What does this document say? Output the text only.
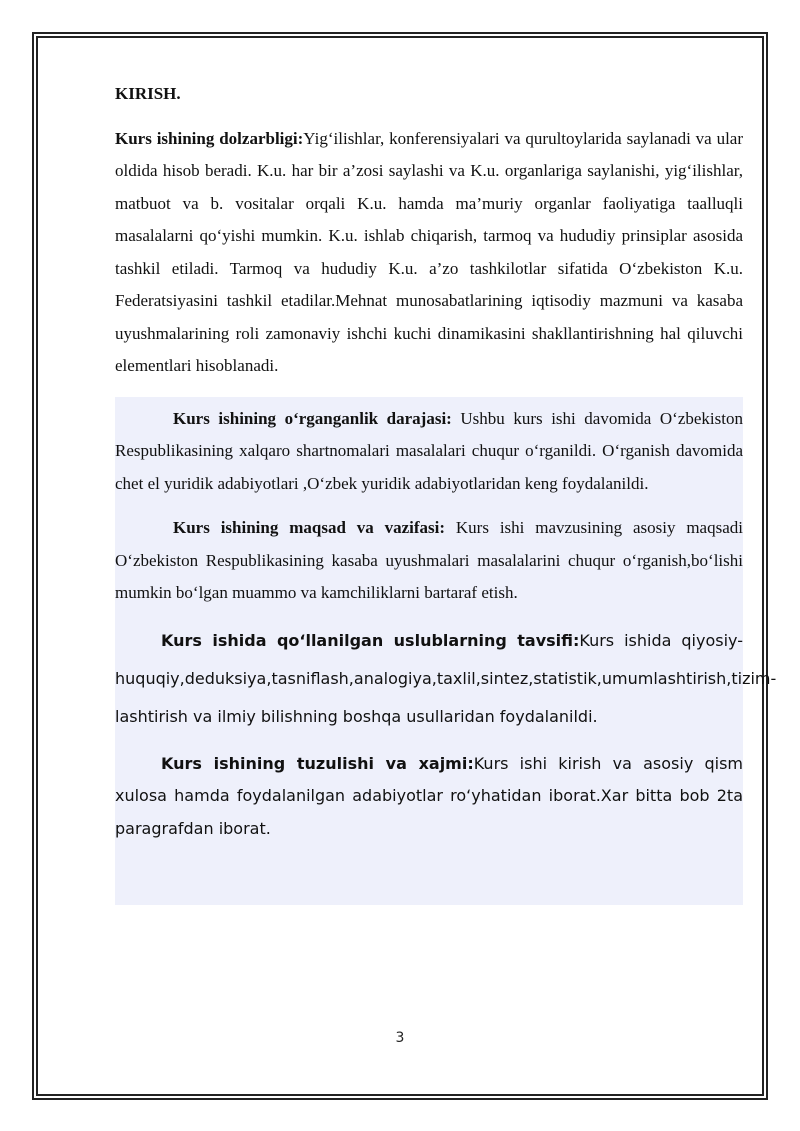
KIRISH.

Kurs ishining dolzarbligi:Yig‘ilishlar, konferensiyalari va qurultoylarida saylanadi va ular oldida hisob beradi. K.u. har bir a’zosi saylashi va K.u. organlariga saylanishi, yig‘ilishlar, matbuot va b. vositalar orqali K.u. hamda ma’muriy organlar faoliyatiga taalluqli masalalarni qo‘yishi mumkin. K.u. ishlab chiqarish, tarmoq va hududiy prinsiplar asosida tashkil etiladi. Tarmoq va hududiy K.u. a’zo tashkilotlar sifatida O‘zbekiston K.u. Federatsiyasini tashkil etadilar.Mehnat munosabatlarining iqtisodiy mazmuni va kasaba uyushmalarining roli zamonaviy ishchi kuchi dinamikasini shakllantirishning hal qiluvchi elementlari hisoblanadi.

Kurs ishining o‘rganganlik darajasi: Ushbu kurs ishi davomida O‘zbekiston Respublikasining xalqaro shartnomalari masalalari chuqur o‘rganildi. O‘rganish davomida chet el yuridik adabiyotlari ,O‘zbek yuridik adabiyotlaridan keng foydalanildi.

Kurs ishining maqsad va vazifasi: Kurs ishi mavzusining asosiy maqsadi O‘zbekiston Respublikasining kasaba uyushmalari masalalarini chuqur o‘rganish,bo‘lishi mumkin bo‘lgan muammo va kamchiliklarni bartaraf etish.

Kurs ishida qo‘llanilgan uslublarning tavsifi:Kurs ishida qiyosiy-huquqiy,deduksiya,tasniflash,analogiya,taxlil,sintez,statistik,umumlashtirish,tizim-lashtirish va ilmiy bilishning boshqa usullaridan foydalanildi.

Kurs ishining tuzulishi va xajmi:Kurs ishi kirish va asosiy qism xulosa hamda foydalanilgan adabiyotlar ro‘yhatidan iborat.Xar bitta bob 2ta paragrafdan iborat.

3
